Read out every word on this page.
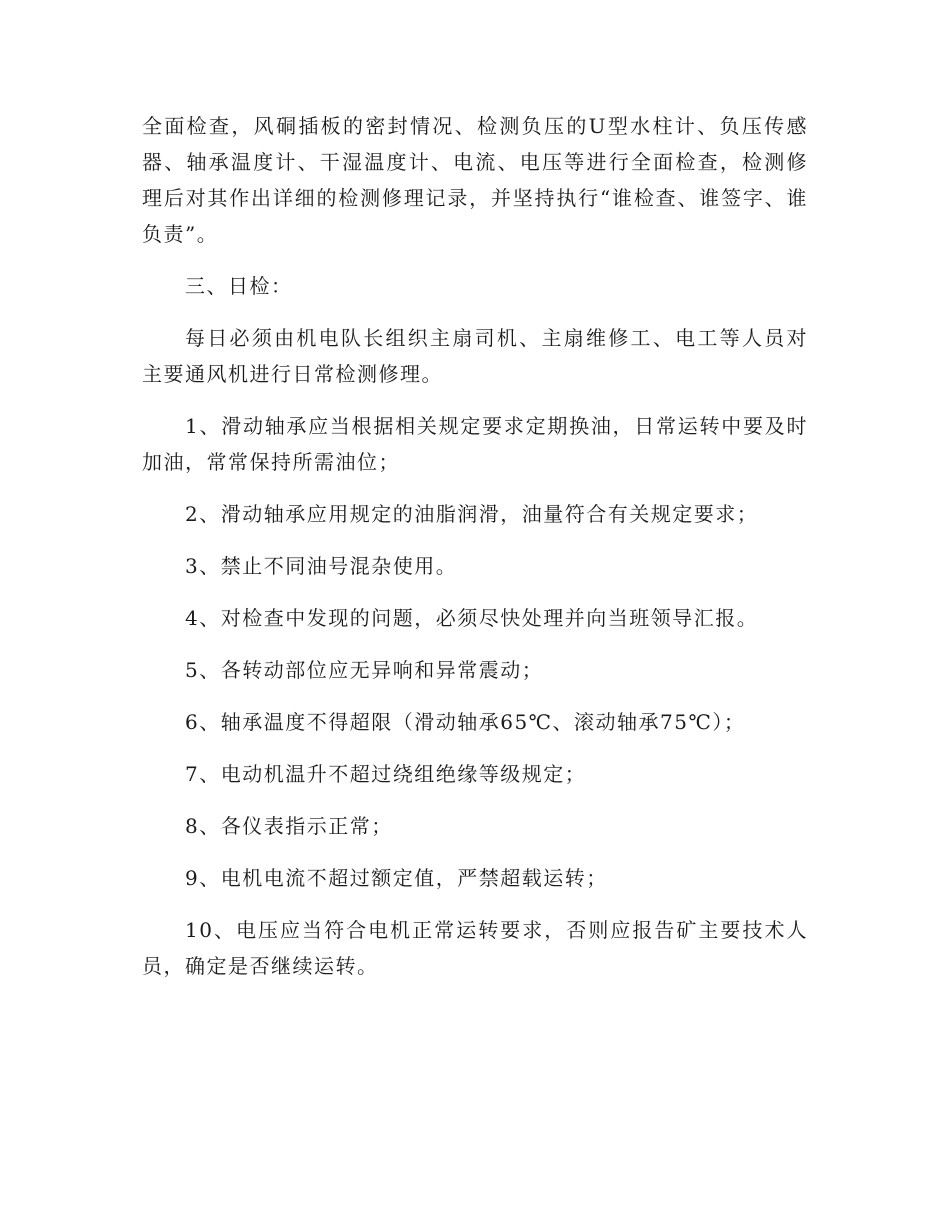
全面检查，风硐插板的密封情况、检测负压的U型水柱计、负压传感器、轴承温度计、干湿温度计、电流、电压等进行全面检查，检测修理后对其作出详细的检测修理记录，并坚持执行“谁检查、谁签字、谁负责”。

三、日检：

每日必须由机电队长组织主扇司机、主扇维修工、电工等人员对主要通风机进行日常检测修理。

1、滑动轴承应当根据相关规定要求定期换油，日常运转中要及时加油，常常保持所需油位；

2、滑动轴承应用规定的油脂润滑，油量符合有关规定要求；

3、禁止不同油号混杂使用。

4、对检查中发现的问题，必须尽快处理并向当班领导汇报。

5、各转动部位应无异响和异常震动；

6、轴承温度不得超限（滑动轴承65℃、滚动轴承75℃）；

7、电动机温升不超过绕组绝缘等级规定；

8、各仪表指示正常；

9、电机电流不超过额定值，严禁超载运转；

10、电压应当符合电机正常运转要求，否则应报告矿主要技术人员，确定是否继续运转。
